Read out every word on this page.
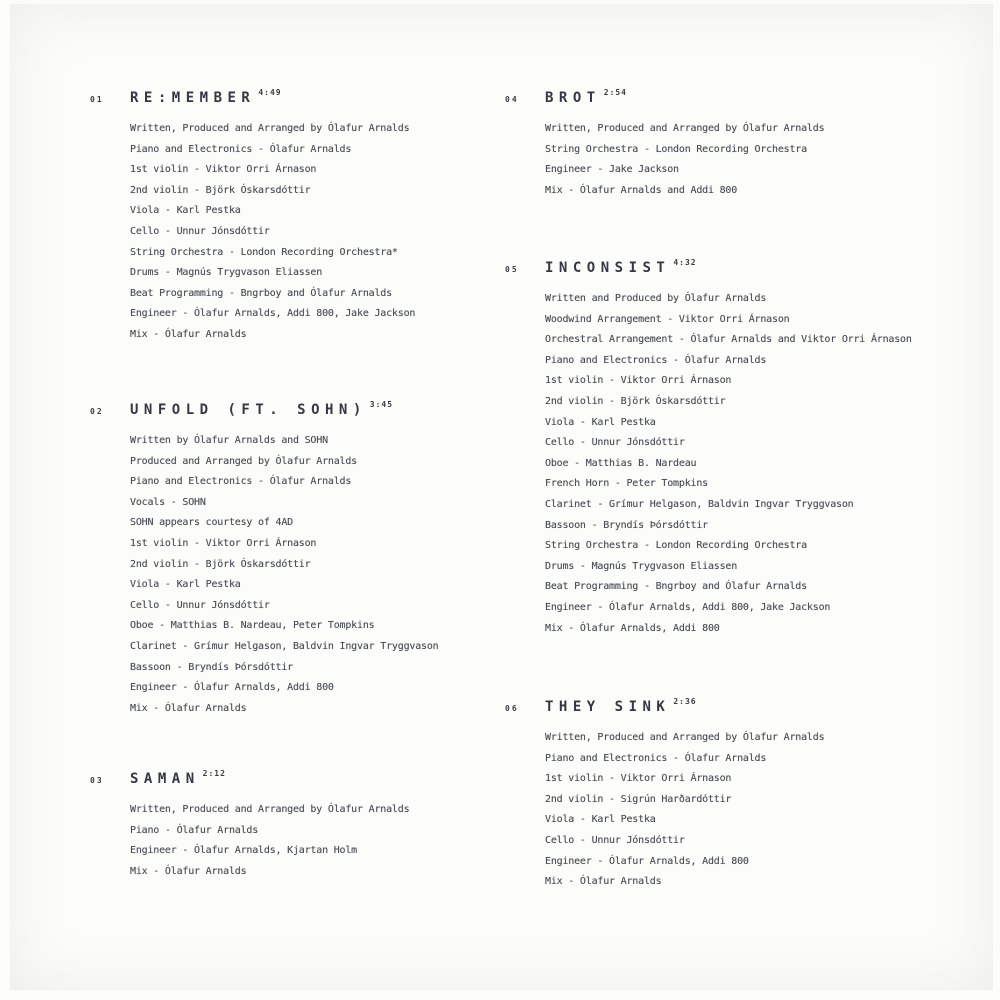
01	RE:MEMBER $^{4:49}$
Written, Produced and Arranged by Ólafur Arnalds
Piano and Electronics - Ólafur Arnalds
1st violin - Viktor Orri Árnason
2nd violin - Björk Óskarsdóttir
Viola - Karl Pestka
Cello - Unnur Jónsdóttir
String Orchestra - London Recording Orchestra*
Drums - Magnús Trygvason Eliassen
Beat Programming - Bngrboy and Ólafur Arnalds
Engineer - Ólafur Arnalds, Addi 800, Jake Jackson
Mix - Ólafur Arnalds
02	UNFOLD (FT. SOHN) $^{3:45}$
Written by Ólafur Arnalds and SOHN
Produced and Arranged by Ólafur Arnalds
Piano and Electronics - Ólafur Arnalds
Vocals - SOHN
SOHN appears courtesy of 4AD
1st violin - Viktor Orri Árnason
2nd violin - Björk Óskarsdóttir
Viola - Karl Pestka
Cello - Unnur Jónsdóttir
Oboe - Matthias B. Nardeau, Peter Tompkins
Clarinet - Grímur Helgason, Baldvin Ingvar Tryggvason
Bassoon - Bryndís Þórsdóttir
Engineer - Ólafur Arnalds, Addi 800
Mix - Ólafur Arnalds
03	SAMAN $^{2:12}$
Written, Produced and Arranged by Ólafur Arnalds
Piano - Ólafur Arnalds
Engineer - Ólafur Arnalds, Kjartan Holm
Mix - Ólafur Arnalds
04	BROT $^{2:54}$
Written, Produced and Arranged by Ólafur Arnalds
String Orchestra - London Recording Orchestra
Engineer - Jake Jackson
Mix - Ólafur Arnalds and Addi 800
05	INCONSIST $^{4:32}$
Written and Produced by Ólafur Arnalds
Woodwind Arrangement - Viktor Orri Árnason
Orchestral Arrangement - Ólafur Arnalds and Viktor Orri Árnason
Piano and Electronics - Ólafur Arnalds
1st violin - Viktor Orri Árnason
2nd violin - Björk Óskarsdóttir
Viola - Karl Pestka
Cello - Unnur Jónsdóttir
Oboe - Matthias B. Nardeau
French Horn - Peter Tompkins
Clarinet - Grímur Helgason, Baldvin Ingvar Tryggvason
Bassoon - Bryndís Þórsdóttir
String Orchestra - London Recording Orchestra
Drums - Magnús Trygvason Eliassen
Beat Programming - Bngrboy and Ólafur Arnalds
Engineer - Ólafur Arnalds, Addi 800, Jake Jackson
Mix - Ólafur Arnalds, Addi 800
06	THEY SINK $^{2:36}$
Written, Produced and Arranged by Ólafur Arnalds
Piano and Electronics - Ólafur Arnalds
1st violin - Viktor Orri Árnason
2nd violin - Sigrún Harðardóttir
Viola - Karl Pestka
Cello - Unnur Jónsdóttir
Engineer - Ólafur Arnalds, Addi 800
Mix - Ólafur Arnalds
